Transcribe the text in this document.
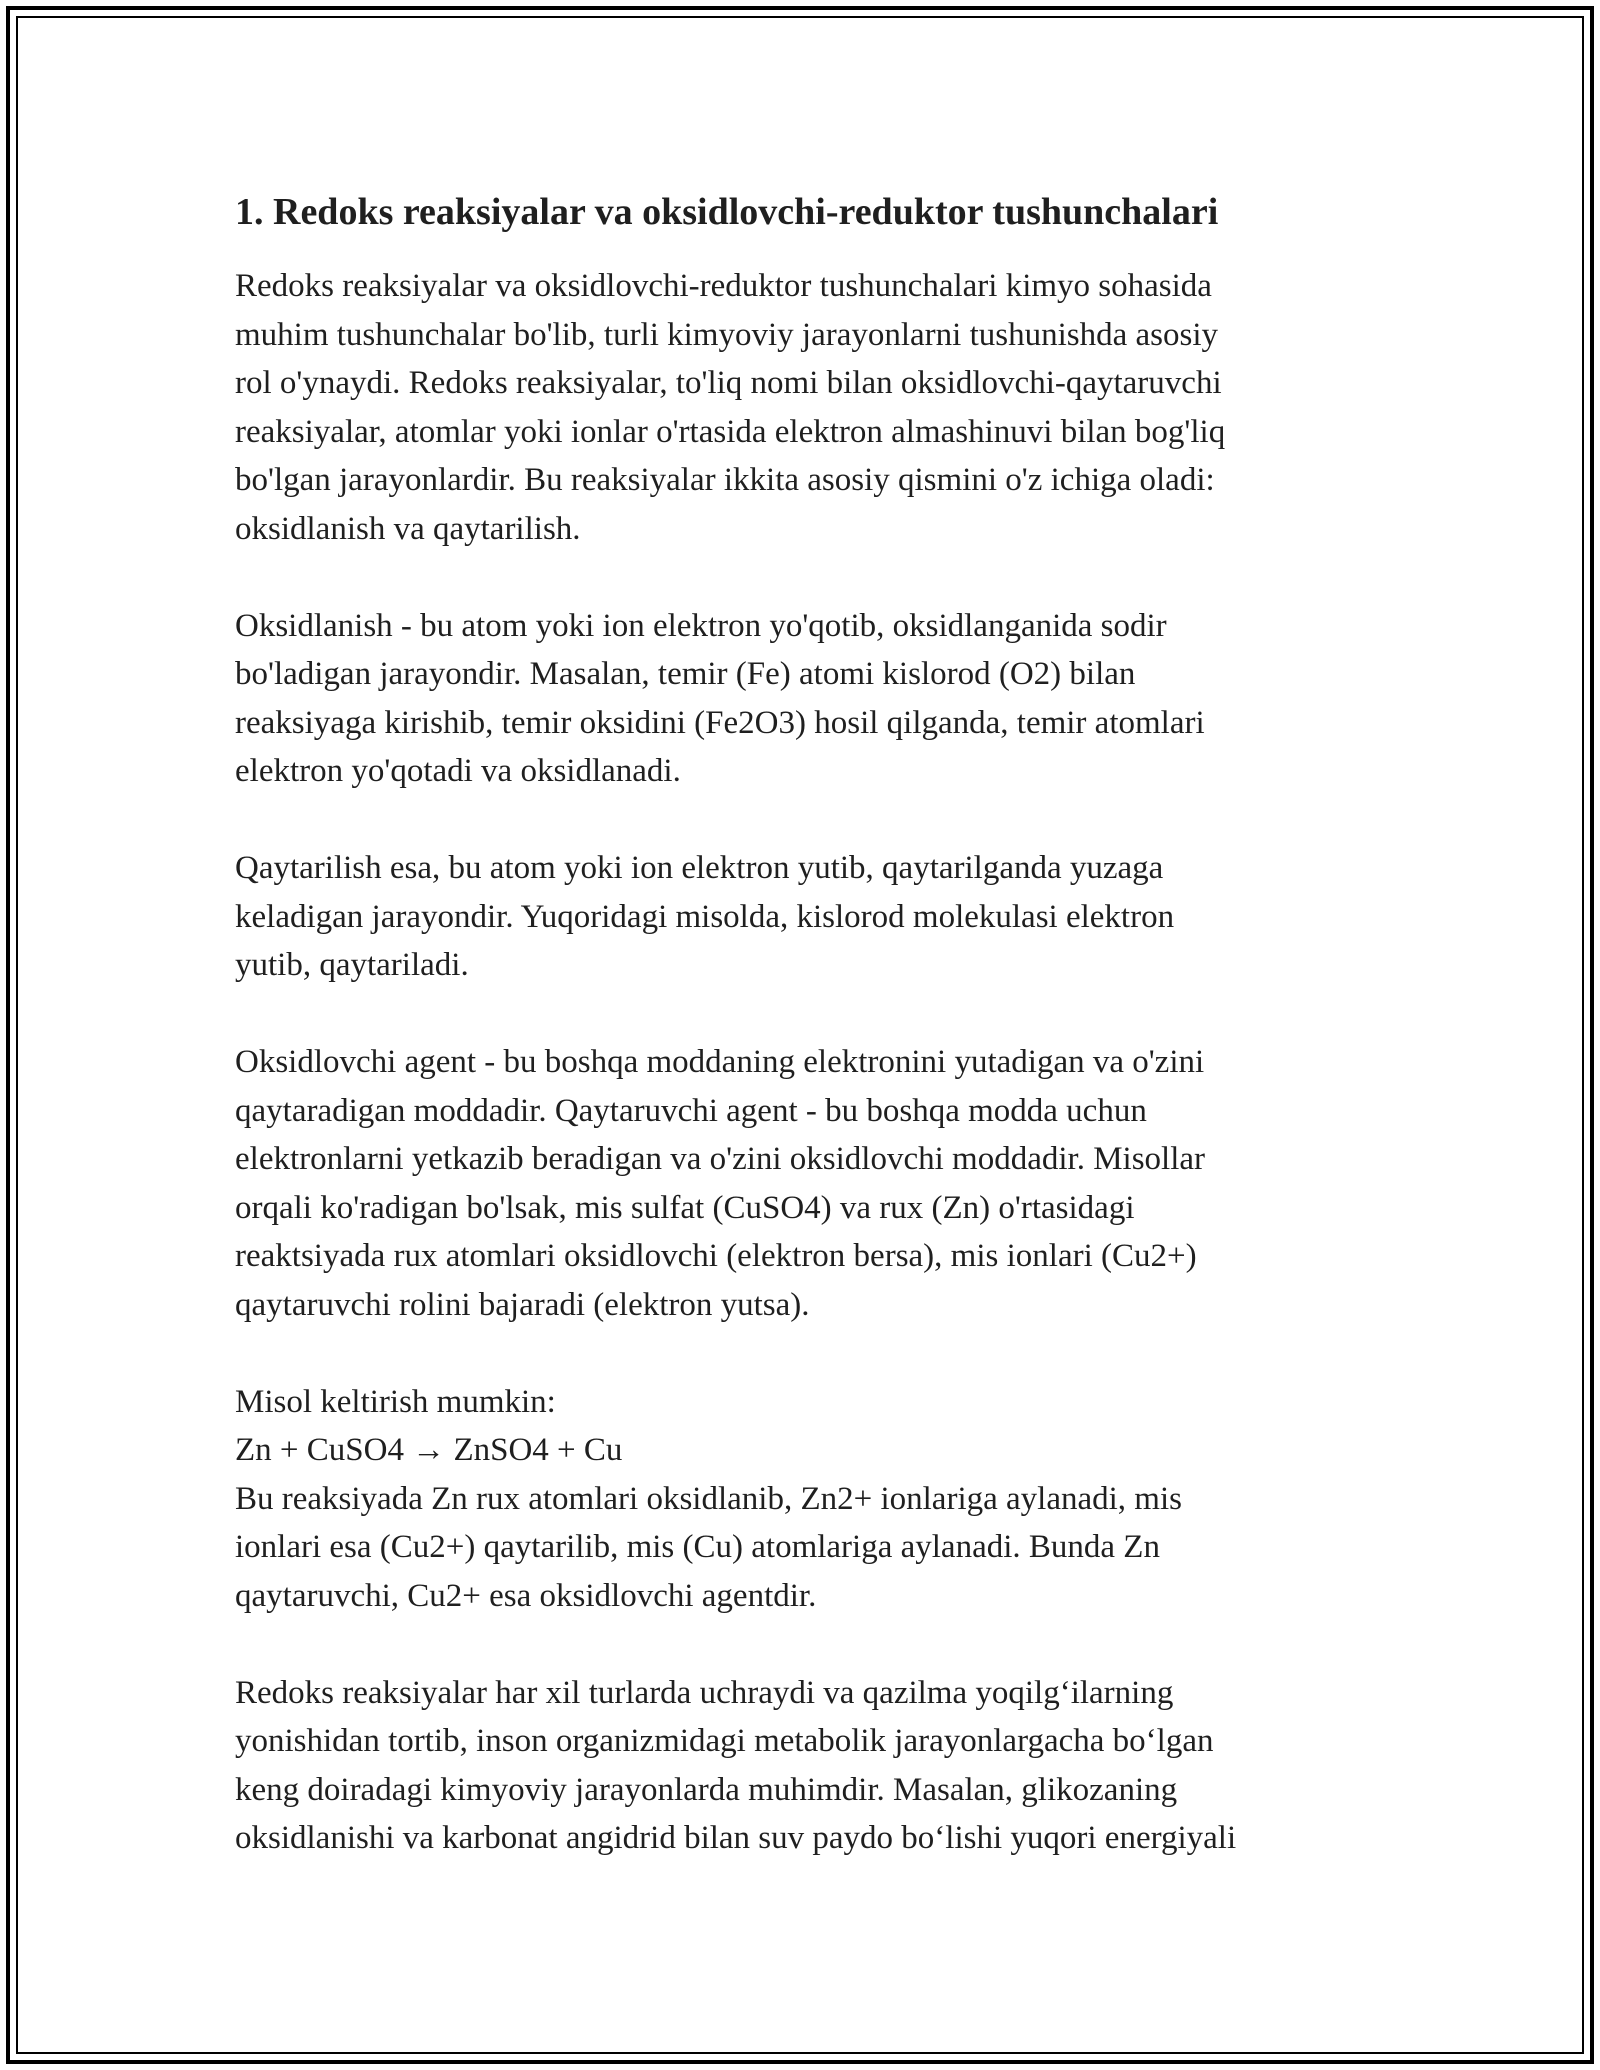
1. Redoks reaksiyalar va oksidlovchi-reduktor tushunchalari
Redoks reaksiyalar va oksidlovchi-reduktor tushunchalari kimyo sohasida
muhim tushunchalar bo'lib, turli kimyoviy jarayonlarni tushunishda asosiy
rol o'ynaydi. Redoks reaksiyalar, to'liq nomi bilan oksidlovchi-qaytaruvchi
reaksiyalar, atomlar yoki ionlar o'rtasida elektron almashinuvi bilan bog'liq
bo'lgan jarayonlardir. Bu reaksiyalar ikkita asosiy qismini o'z ichiga oladi:
oksidlanish va qaytarilish.
Oksidlanish - bu atom yoki ion elektron yo'qotib, oksidlanganida sodir
bo'ladigan jarayondir. Masalan, temir (Fe) atomi kislorod (O2) bilan
reaksiyaga kirishib, temir oksidini (Fe2O3) hosil qilganda, temir atomlari
elektron yo'qotadi va oksidlanadi.
Qaytarilish esa, bu atom yoki ion elektron yutib, qaytarilganda yuzaga
keladigan jarayondir. Yuqoridagi misolda, kislorod molekulasi elektron
yutib, qaytariladi.
Oksidlovchi agent - bu boshqa moddaning elektronini yutadigan va o'zini
qaytaradigan moddadir. Qaytaruvchi agent - bu boshqa modda uchun
elektronlarni yetkazib beradigan va o'zini oksidlovchi moddadir. Misollar
orqali ko'radigan bo'lsak, mis sulfat (CuSO4) va rux (Zn) o'rtasidagi
reaktsiyada rux atomlari oksidlovchi (elektron bersa), mis ionlari (Cu2+)
qaytaruvchi rolini bajaradi (elektron yutsa).
Misol keltirish mumkin:
Zn + CuSO4 → ZnSO4 + Cu
Bu reaksiyada Zn rux atomlari oksidlanib, Zn2+ ionlariga aylanadi, mis
ionlari esa (Cu2+) qaytarilib, mis (Cu) atomlariga aylanadi. Bunda Zn
qaytaruvchi, Cu2+ esa oksidlovchi agentdir.
Redoks reaksiyalar har xil turlarda uchraydi va qazilma yoqilg‘ilarning
yonishidan tortib, inson organizmidagi metabolik jarayonlargacha bo‘lgan
keng doiradagi kimyoviy jarayonlarda muhimdir. Masalan, glikozaning
oksidlanishi va karbonat angidrid bilan suv paydo bo‘lishi yuqori energiyali
